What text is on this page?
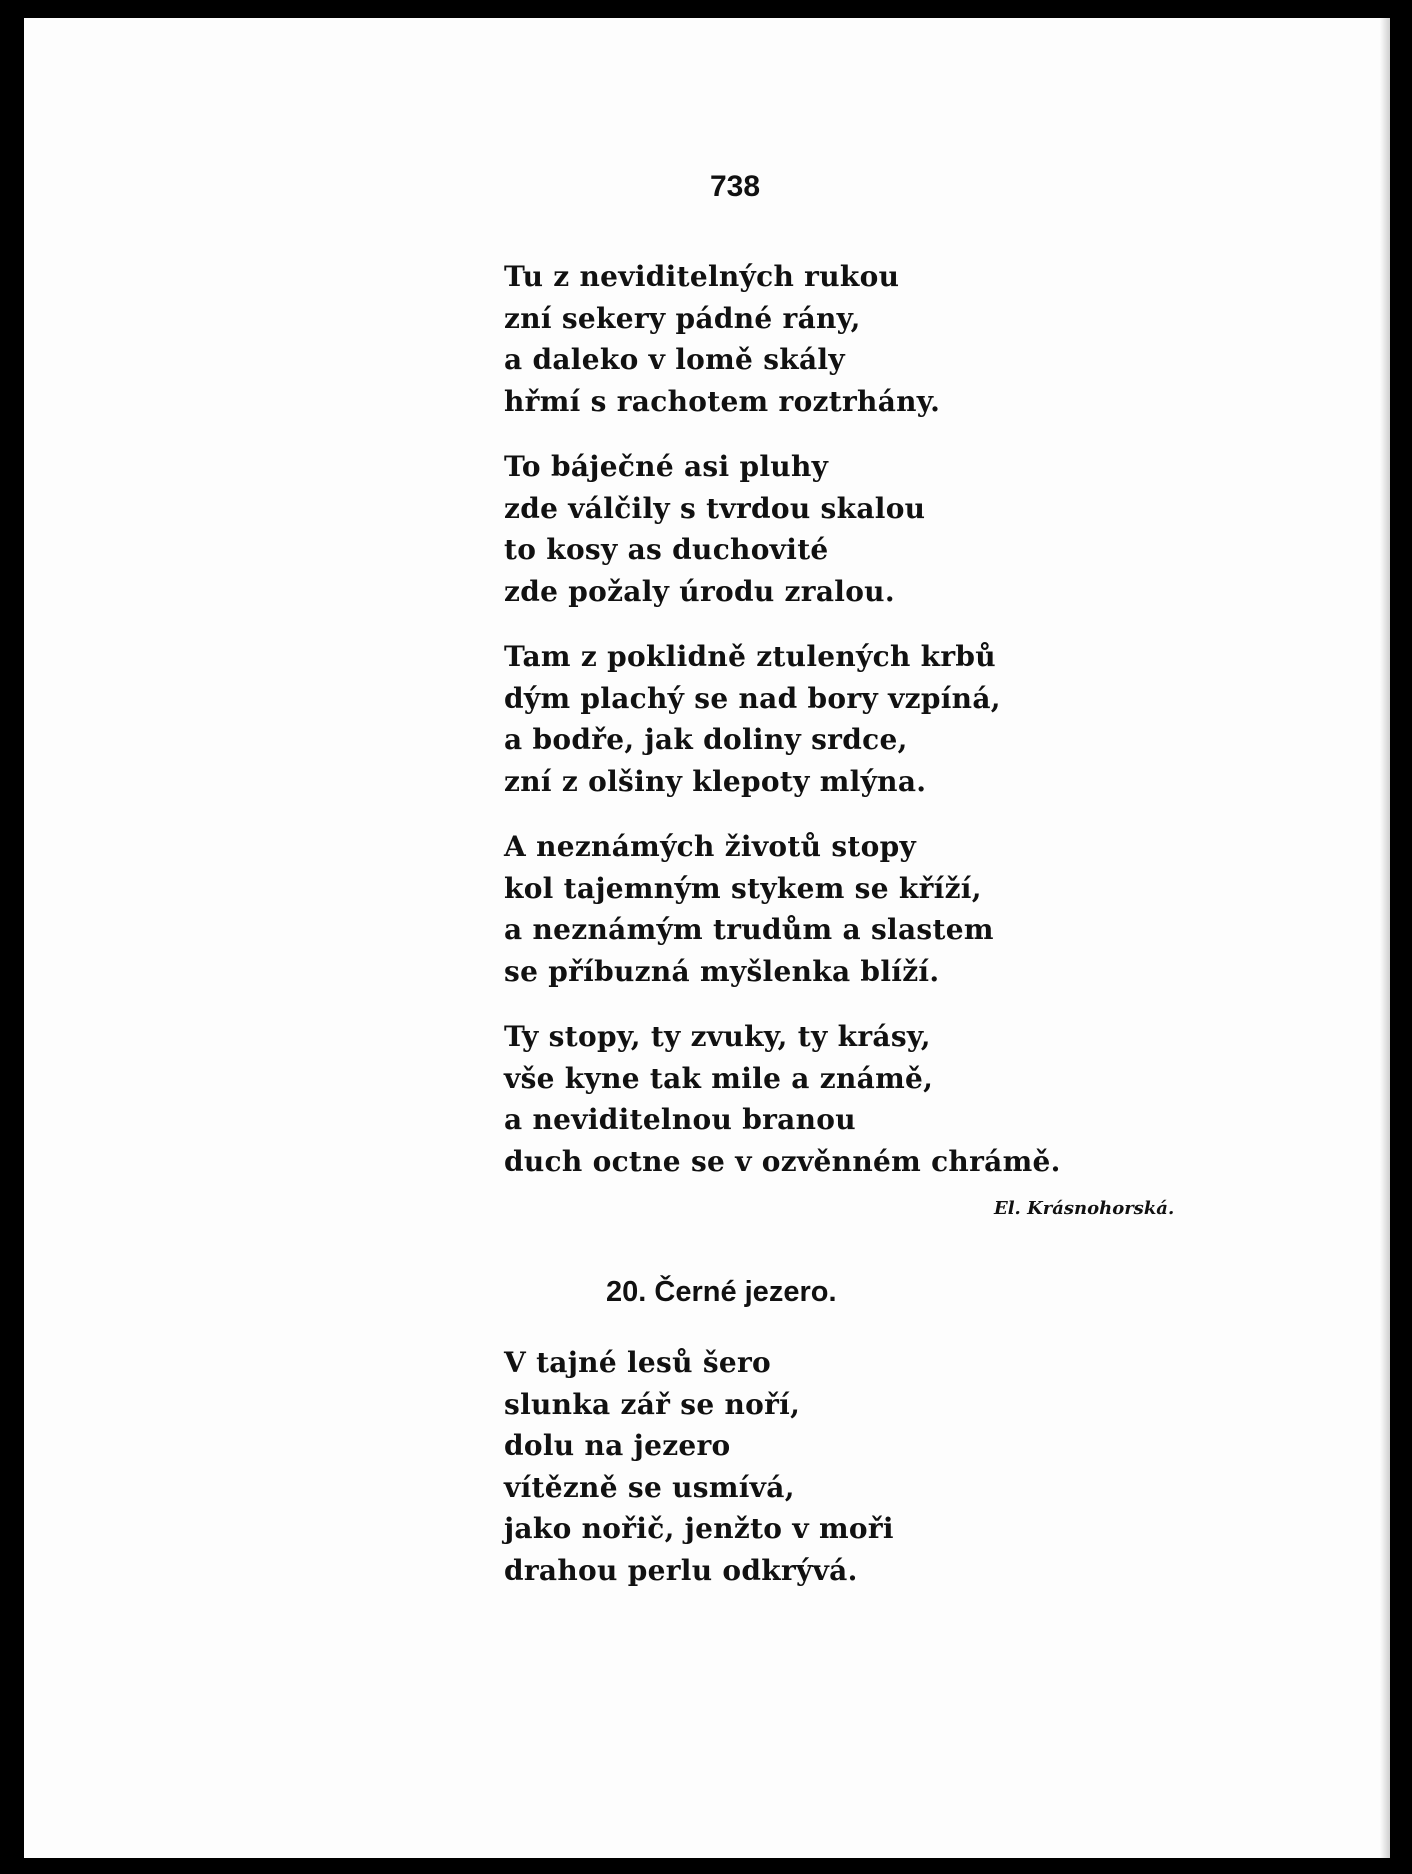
738
Tu z neviditelných rukou
zní sekery pádné rány,
a daleko v lomě skály
hřmí s rachotem roztrhány.
To báječné asi pluhy
zde válčily s tvrdou skalou
to kosy as duchovité
zde požaly úrodu zralou.
Tam z poklidně ztulených krbů
dým plachý se nad bory vzpíná,
a bodře, jak doliny srdce,
zní z olšiny klepoty mlýna.
A neznámých životů stopy
kol tajemným stykem se kříží,
a neznámým trudům a slastem
se příbuzná myšlenka blíží.
Ty stopy, ty zvuky, ty krásy,
vše kyne tak mile a známě,
a neviditelnou branou
duch octne se v ozvěnném chrámě.
El. Krásnohorská.
20. Černé jezero.
V tajné lesů šero
slunka zář se noří,
dolu na jezero
vítězně se usmívá,
jako nořič, jenžto v moři
drahou perlu odkrývá.
